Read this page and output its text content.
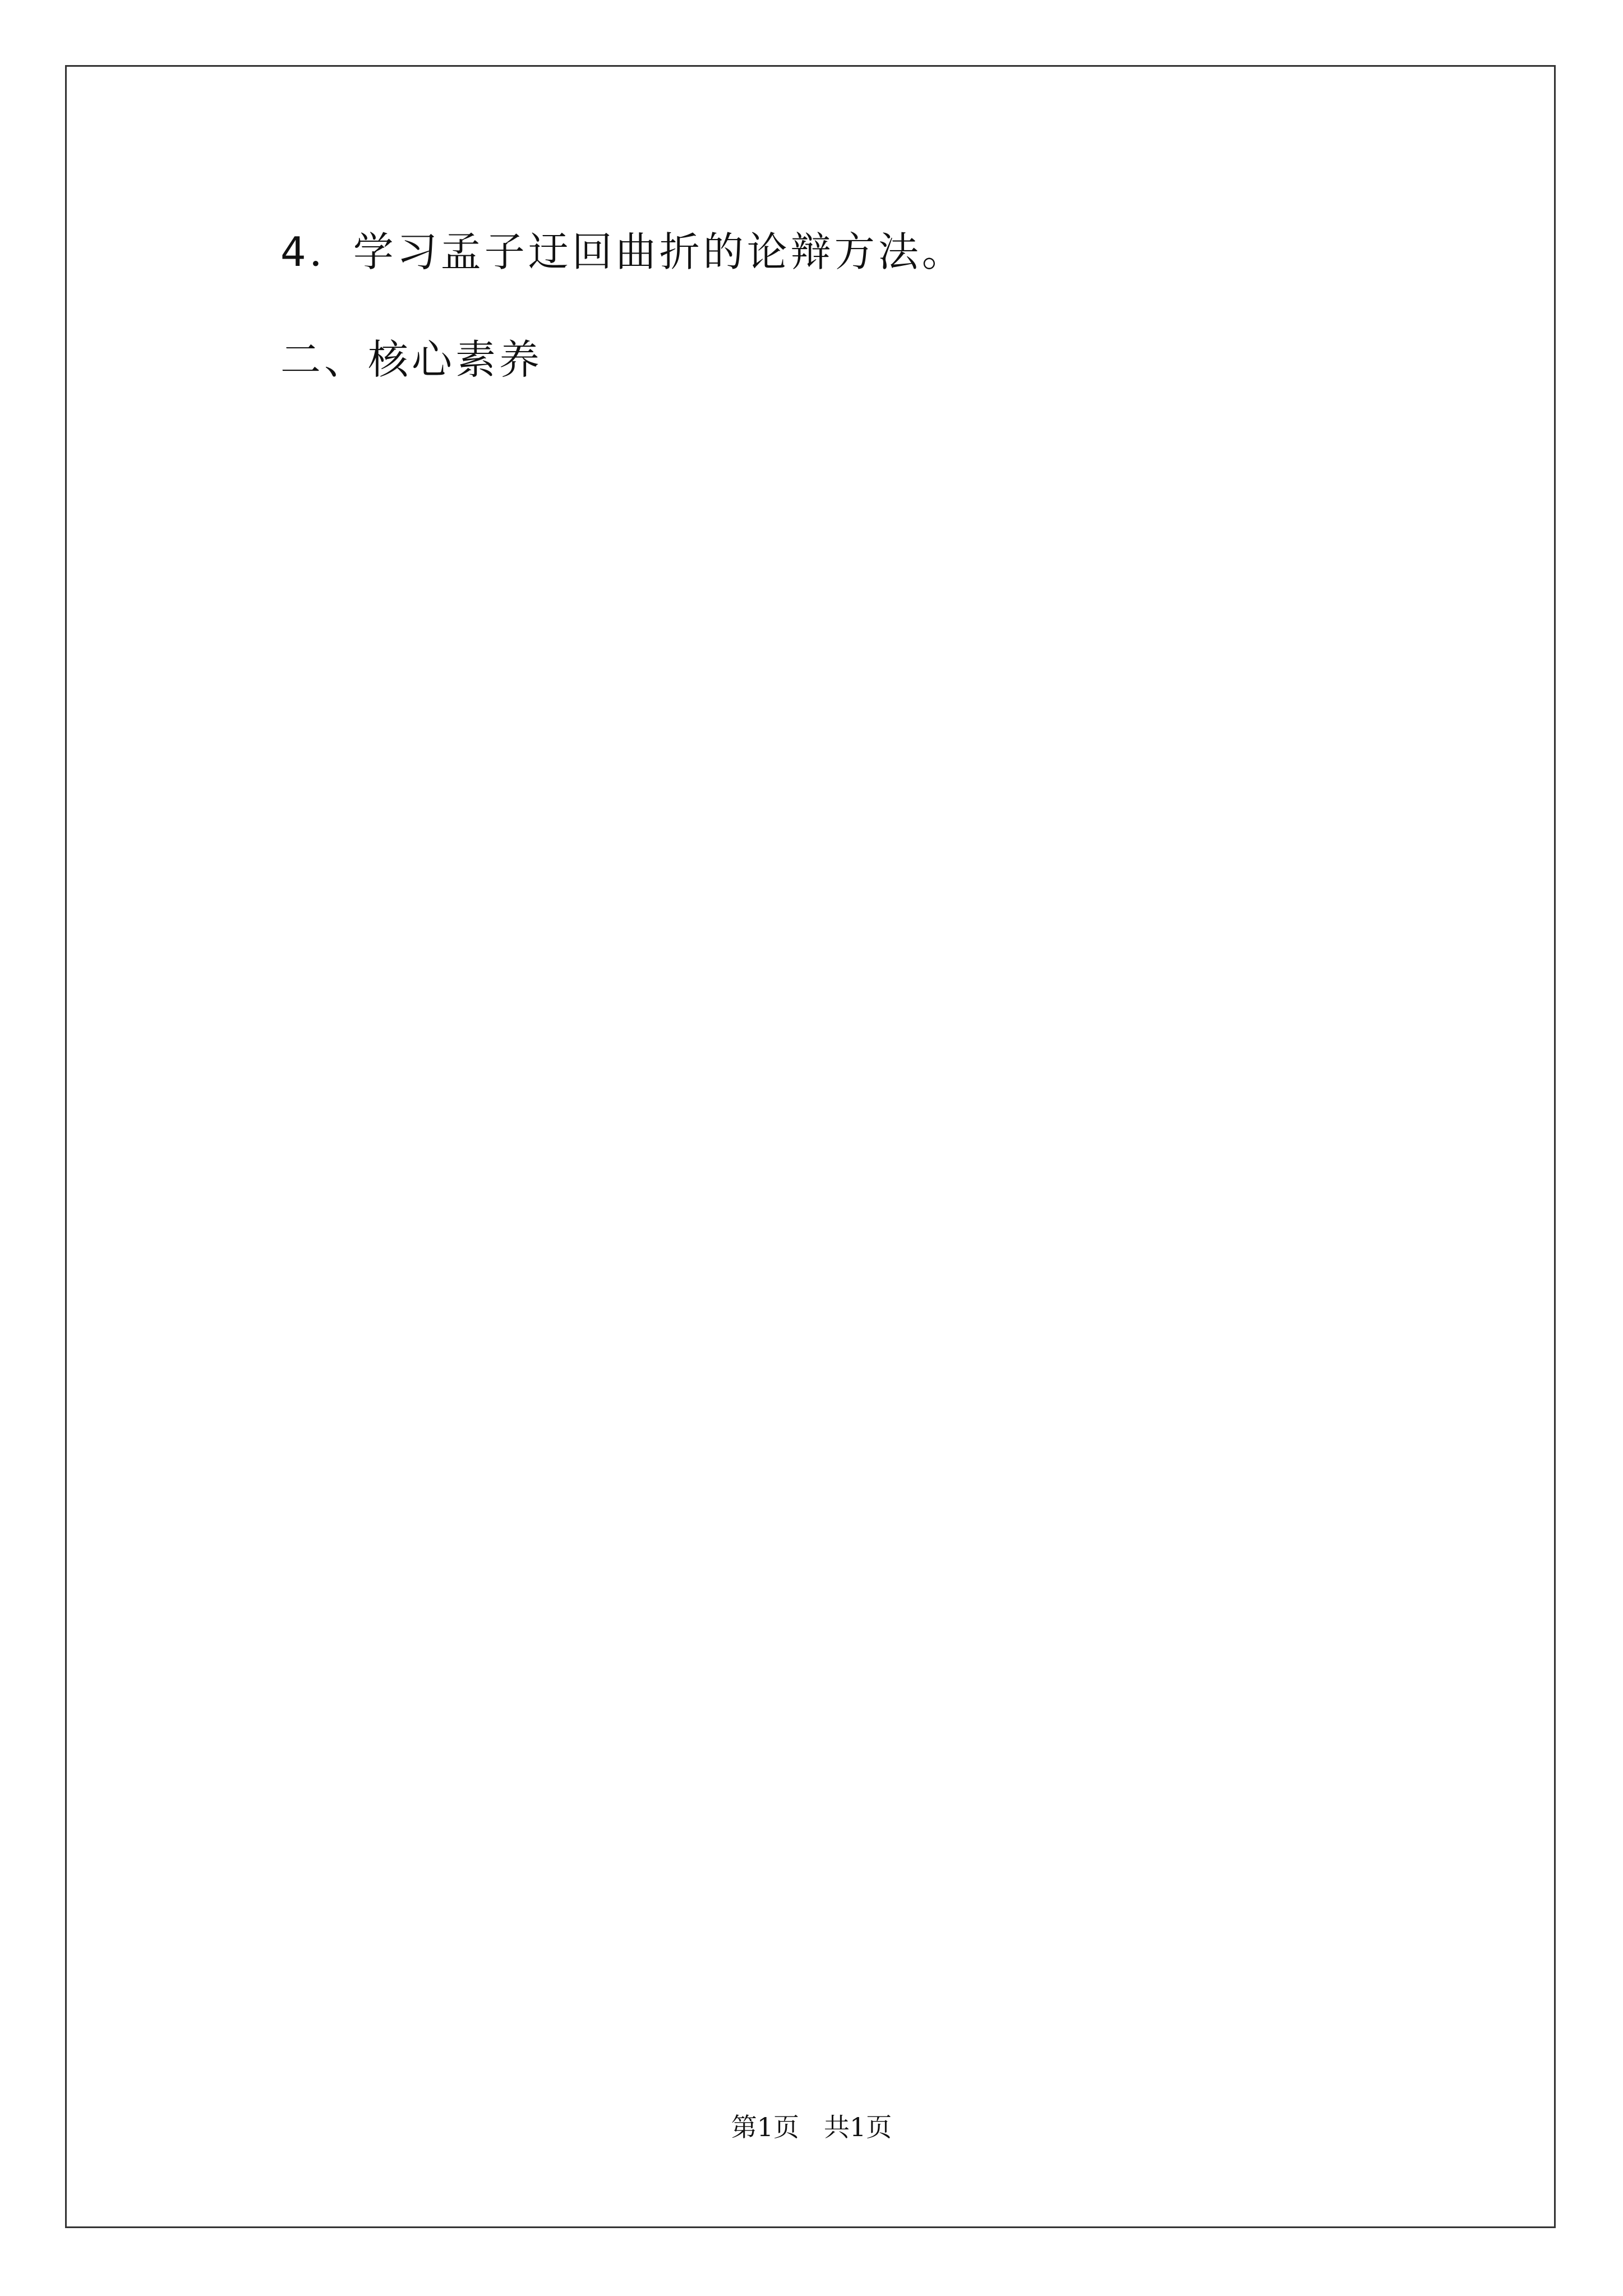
4．学习孟子迂回曲折的论辩方法。

二、核心素养

第1页 共1页
